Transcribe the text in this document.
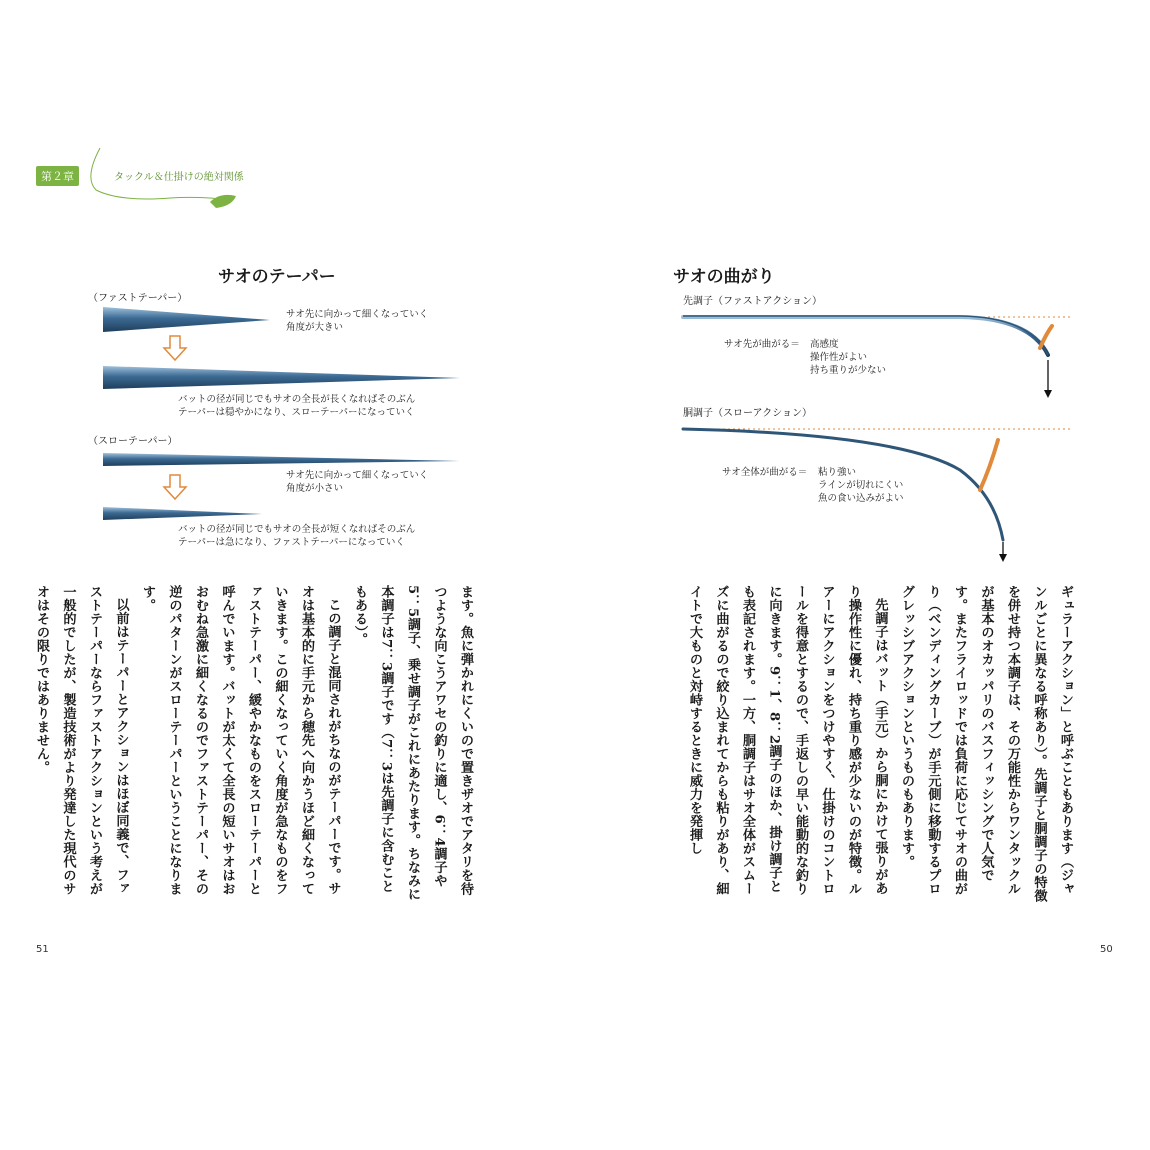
第２章	タックル＆仕掛けの絶対関係
サオのテーパー
（ファストテーパー）
サオ先に向かって細くなっていく
角度が大きい
バットの径が同じでもサオの全長が長くなればそのぶん
テーパーは穏やかになり、スローテーパーになっていく
（スローテーパー）
サオ先に向かって細くなっていく
角度が小さい
バットの径が同じでもサオの全長が短くなればそのぶん
テーパーは急になり、ファストテーパーになっていく
サオの曲がり
先調子（ファストアクション）
サオ先が曲がる＝ 高感度
操作性がよい
持ち重りが少ない
胴調子（スローアクション）
サオ全体が曲がる＝ 粘り強い
ラインが切れにくい
魚の食い込みがよい

ます。魚に弾かれにくいので置きザオでアタリを待つような向こうアワセの釣りに適し、6：4調子や5：5調子、乗せ調子がこれにあたります。ちなみに本調子は7：3調子です（7：3は先調子に含むこともある）。

この調子と混同されがちなのがテーパーです。サオは基本的に手元から穂先へ向かうほど細くなっていきます。この細くなっていく角度が急なものをファストテーパー、緩やかなものをスローテーパーと呼んでいます。バットが太くて全長の短いサオはおおむね急激に細くなるのでファストテーパー、その逆のパターンがスローテーパーということになります。

以前はテーパーとアクションはほぼ同義で、ファストテーパーならファストアクションという考えが一般的でしたが、製造技術がより発達した現代のサオはその限りではありません。	ギュラーアクション」と呼ぶこともあります（ジャンルごとに異なる呼称あり）。先調子と胴調子の特徴を併せ持つ本調子は、その万能性からワンタックルが基本のオカッパリのバスフィッシングで人気です。またフライロッドでは負荷に応じてサオの曲がり（ベンディングカーブ）が手元側に移動するプログレッシブアクションというものもあります。

先調子はバット（手元）から胴にかけて張りがあり操作性に優れ、持ち重り感が少ないのが特徴。ルアーにアクションをつけやすく、仕掛けのコントロールを得意とするので、手返しの早い能動的な釣りに向きます。9：1、8：2調子のほか、掛け調子とも表記されます。一方、胴調子はサオ全体がスムーズに曲がるので絞り込まれてからも粘りがあり、細イトで大ものと対峙するときに威力を発揮し

51	50
